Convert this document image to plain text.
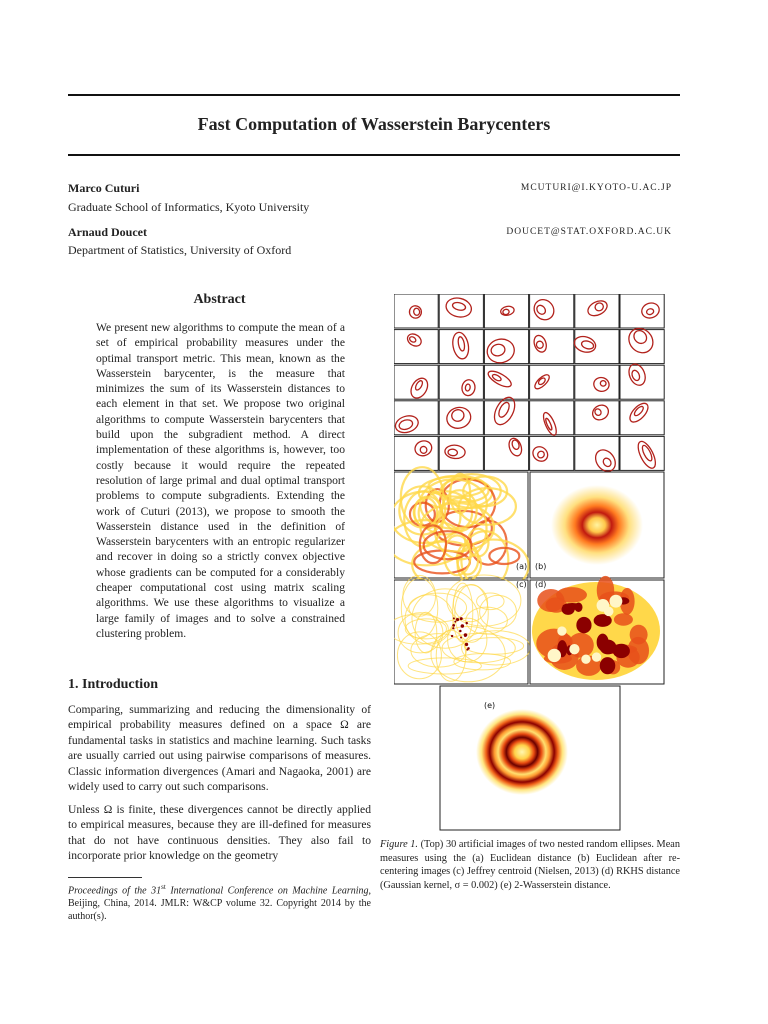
Fast Computation of Wasserstein Barycenters
Marco Cuturi	MCUTURI@I.KYOTO-U.AC.JP
Graduate School of Informatics, Kyoto University
Arnaud Doucet	DOUCET@STAT.OXFORD.AC.UK
Department of Statistics, University of Oxford
Abstract
We present new algorithms to compute the mean of a set of empirical probability measures under the optimal transport metric. This mean, known as the Wasserstein barycenter, is the measure that minimizes the sum of its Wasserstein distances to each element in that set. We propose two original algorithms to compute Wasserstein barycenters that build upon the subgradient method. A direct implementation of these algorithms is, however, too costly because it would require the repeated resolution of large primal and dual optimal transport problems to compute subgradients. Extending the work of Cuturi (2013), we propose to smooth the Wasserstein distance used in the definition of Wasserstein barycenters with an entropic regularizer and recover in doing so a strictly convex objective whose gradients can be computed for a considerably cheaper computational cost using matrix scaling algorithms. We use these algorithms to visualize a large family of images and to solve a constrained clustering problem.
1. Introduction
Comparing, summarizing and reducing the dimensionality of empirical probability measures defined on a space Ω are fundamental tasks in statistics and machine learning. Such tasks are usually carried out using pairwise comparisons of measures. Classic information divergences (Amari and Nagaoka, 2001) are widely used to carry out such comparisons.
Unless Ω is finite, these divergences cannot be directly applied to empirical measures, because they are ill-defined for measures that do not have continuous densities. They also fail to incorporate prior knowledge on the geometry
Proceedings of the 31st International Conference on Machine Learning, Beijing, China, 2014. JMLR: W&CP volume 32. Copyright 2014 by the author(s).
(a) (b)
(c) (d)
(e)
Figure 1. (Top) 30 artificial images of two nested random ellipses. Mean measures using the (a) Euclidean distance (b) Euclidean after re-centering images (c) Jeffrey centroid (Nielsen, 2013) (d) RKHS distance (Gaussian kernel, σ = 0.002) (e) 2-Wasserstein distance.
